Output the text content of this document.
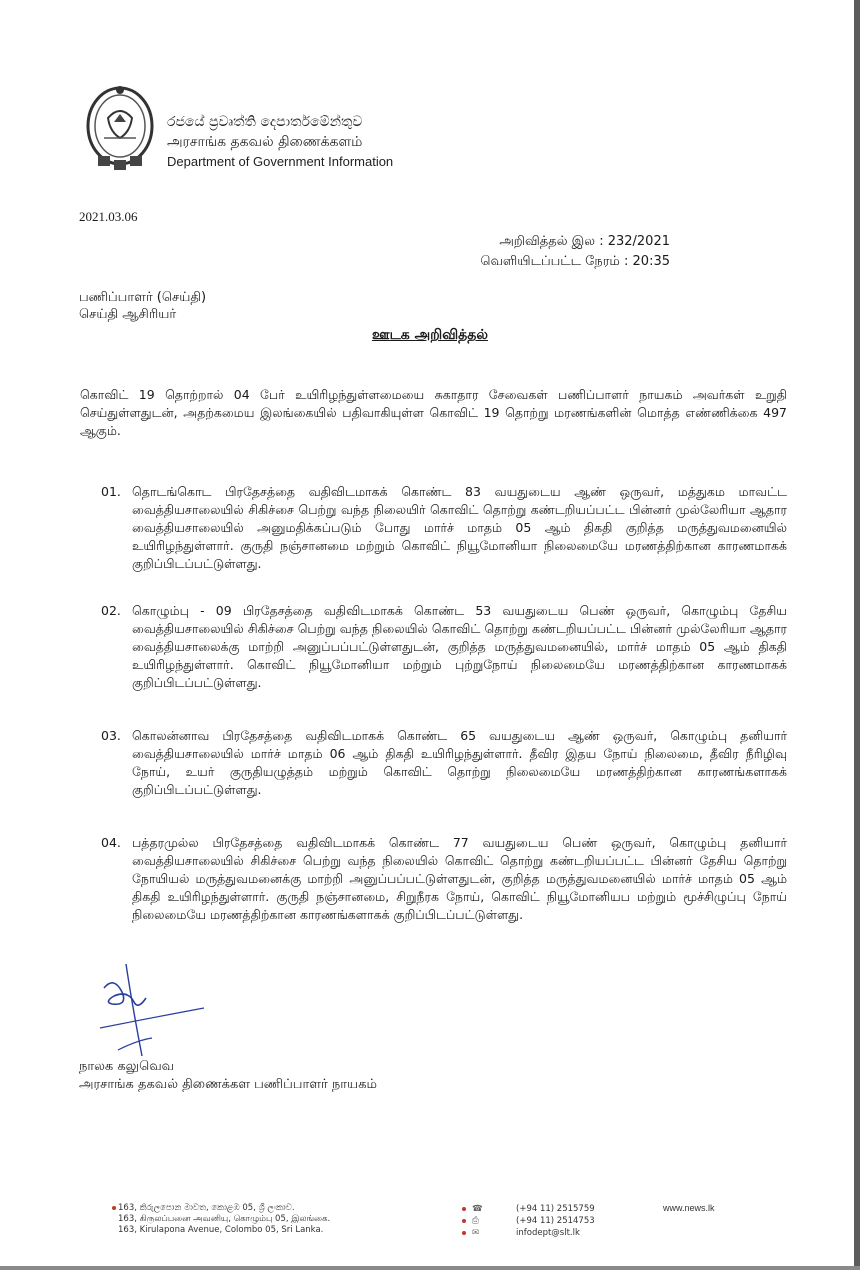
රජයේ ප්‍රවෘත්ති දෙපාර්තමේන්තුව
அரசாங்க தகவல் திணைக்களம்
Department of Government Information
2021.03.06
அறிவித்தல் இல : 232/2021
வெளியிடப்பட்ட நேரம் : 20:35
பணிப்பாளர் (செய்தி)
செய்தி ஆசிரியர்
ஊடக அறிவித்தல்
கொவிட் 19 தொற்றால் 04 பேர் உயிரிழந்துள்ளமையை சுகாதார சேவைகள் பணிப்பாளர் நாயகம் அவர்கள் உறுதி செய்துள்ளதுடன், அதற்கமைய இலங்கையில் பதிவாகியுள்ள கொவிட் 19 தொற்று மரணங்களின் மொத்த எண்ணிக்கை 497 ஆகும்.
01. தொடங்கொட பிரதேசத்தை வதிவிடமாகக் கொண்ட 83 வயதுடைய ஆண் ஒருவர், மத்துகம மாவட்ட வைத்தியசாலையில் சிகிச்சை பெற்று வந்த நிலையிர் கொவிட் தொற்று கண்டறியப்பட்ட பின்னர் முல்லேரியா ஆதார வைத்தியசாலையில் அனுமதிக்கப்படும் போது மார்ச் மாதம் 05 ஆம் திகதி குறித்த மருத்துவமனையில் உயிரிழந்துள்ளார். குருதி நஞ்சானமை மற்றும் கொவிட் நியூமோனியா நிலைமையே மரணத்திற்கான காரணமாகக் குறிப்பிடப்பட்டுள்ளது.
02. கொழும்பு - 09 பிரதேசத்தை வதிவிடமாகக் கொண்ட 53 வயதுடைய பெண் ஒருவர், கொழும்பு தேசிய வைத்தியசாலையில் சிகிச்சை பெற்று வந்த நிலையில் கொவிட் தொற்று கண்டறியப்பட்ட பின்னர் முல்லேரியா ஆதார வைத்தியசாலைக்கு மாற்றி அனுப்பப்பட்டுள்ளதுடன், குறித்த மருத்துவமனையில், மார்ச் மாதம் 05 ஆம் திகதி உயிரிழந்துள்ளார். கொவிட் நியூமோனியா மற்றும் புற்றுநோய் நிலைமையே மரணத்திற்கான காரணமாகக் குறிப்பிடப்பட்டுள்ளது.
03. கொலன்னாவ பிரதேசத்தை வதிவிடமாகக் கொண்ட 65 வயதுடைய ஆண் ஒருவர், கொழும்பு தனியார் வைத்தியசாலையில் மார்ச் மாதம் 06 ஆம் திகதி உயிரிழந்துள்ளார். தீவிர இதய நோய் நிலைமை, தீவிர நீரிழிவு நோய், உயர் குருதியழுத்தம் மற்றும் கொவிட் தொற்று நிலைமையே மரணத்திற்கான காரணங்களாகக் குறிப்பிடப்பட்டுள்ளது.
04. பத்தரமுல்ல பிரதேசத்தை வதிவிடமாகக் கொண்ட 77 வயதுடைய பெண் ஒருவர், கொழும்பு தனியார் வைத்தியசாலையில் சிகிச்சை பெற்று வந்த நிலையில் கொவிட் தொற்று கண்டறியப்பட்ட பின்னர் தேசிய தொற்று நோயியல் மருத்துவமனைக்கு மாற்றி அனுப்பப்பட்டுள்ளதுடன், குறித்த மருத்துவமனையில் மார்ச் மாதம் 05 ஆம் திகதி உயிரிழந்துள்ளார். குருதி நஞ்சானமை, சிறுநீரக நோய், கொவிட் நியூமோனியப மற்றும் மூச்சிழுப்பு நோய் நிலைமையே மரணத்திற்கான காரணங்களாகக் குறிப்பிடப்பட்டுள்ளது.
நாலக கலுவெவ
அரசாங்க தகவல் திணைக்கள பணிப்பாளர் நாயகம்
163, කිරුලපොන මාවත, කොළඹ 05, ශ්‍රී ලංකාව.
163, கிருலப்பனை அவனியு, கொழும்பு 05, இலங்கை.
163, Kirulapona Avenue, Colombo 05, Sri Lanka.
☎	(+94 11) 2515759
⎙	(+94 11) 2514753
✉	infodept@slt.lk
www.news.lk
